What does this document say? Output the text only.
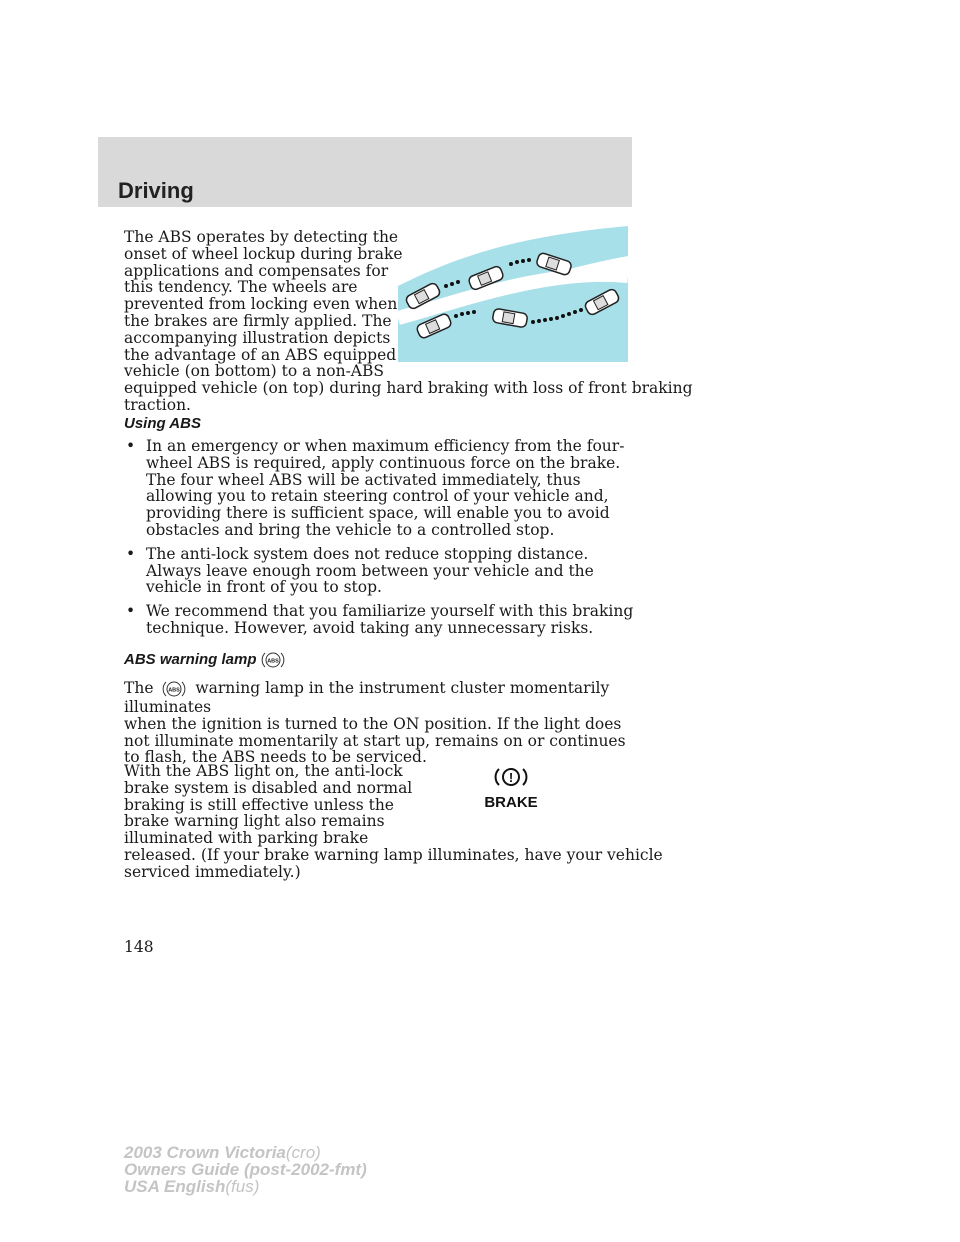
Driving
The ABS operates by detecting the
onset of wheel lockup during brake
applications and compensates for
this tendency. The wheels are
prevented from locking even when
the brakes are firmly applied. The
accompanying illustration depicts
the advantage of an ABS equipped
vehicle (on bottom) to a non-ABS
equipped vehicle (on top) during hard braking with loss of front braking
traction.
Using ABS
• In an emergency or when maximum efficiency from the four-wheel ABS is required, apply continuous force on the brake. The four wheel ABS will be activated immediately, thus allowing you to retain steering control of your vehicle and, providing there is sufficient space, will enable you to avoid obstacles and bring the vehicle to a controlled stop.
• The anti-lock system does not reduce stopping distance. Always leave enough room between your vehicle and the vehicle in front of you to stop.
• We recommend that you familiarize yourself with this braking technique. However, avoid taking any unnecessary risks.
ABS warning lamp ABS
The	ABS warning lamp in the instrument cluster momentarily illuminates
when the ignition is turned to the ON position. If the light does not illuminate momentarily at start up, remains on or continues to flash, the ABS needs to be serviced.
With the ABS light on, the anti-lock
brake system is disabled and normal
braking is still effective unless the
brake warning light also remains
illuminated with parking brake
released. (If your brake warning lamp illuminates, have your vehicle
serviced immediately.)
!
BRAKE
148
2003 Crown Victoria(cro)
Owners Guide (post-2002-fmt)
USA English(fus)
